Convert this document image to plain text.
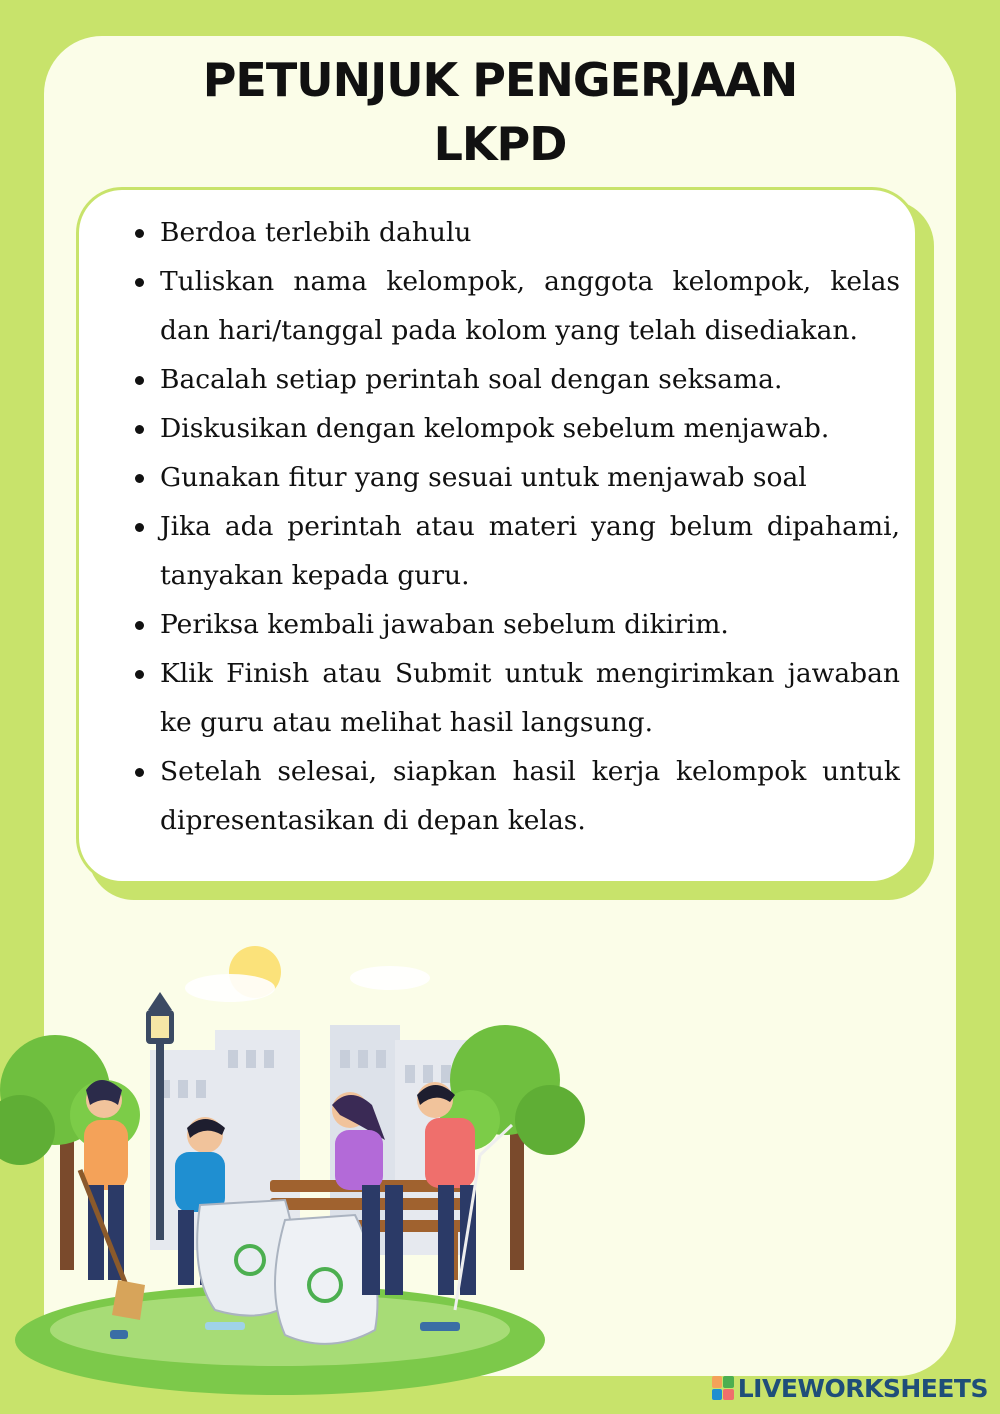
PETUNJUK PENGERJAAN
LKPD
Berdoa terlebih dahulu
Tuliskan nama kelompok, anggota kelompok, kelas dan hari/tanggal pada kolom yang telah disediakan.
Bacalah setiap perintah soal dengan seksama.
Diskusikan dengan kelompok sebelum menjawab.
Gunakan fitur yang sesuai untuk menjawab soal
Jika ada perintah atau materi yang belum dipahami, tanyakan kepada guru.
Periksa kembali jawaban sebelum dikirim.
Klik Finish atau Submit untuk mengirimkan jawaban ke guru atau melihat hasil langsung.
Setelah selesai, siapkan hasil kerja kelompok untuk dipresentasikan di depan kelas.
LIVEWORKSHEETS
